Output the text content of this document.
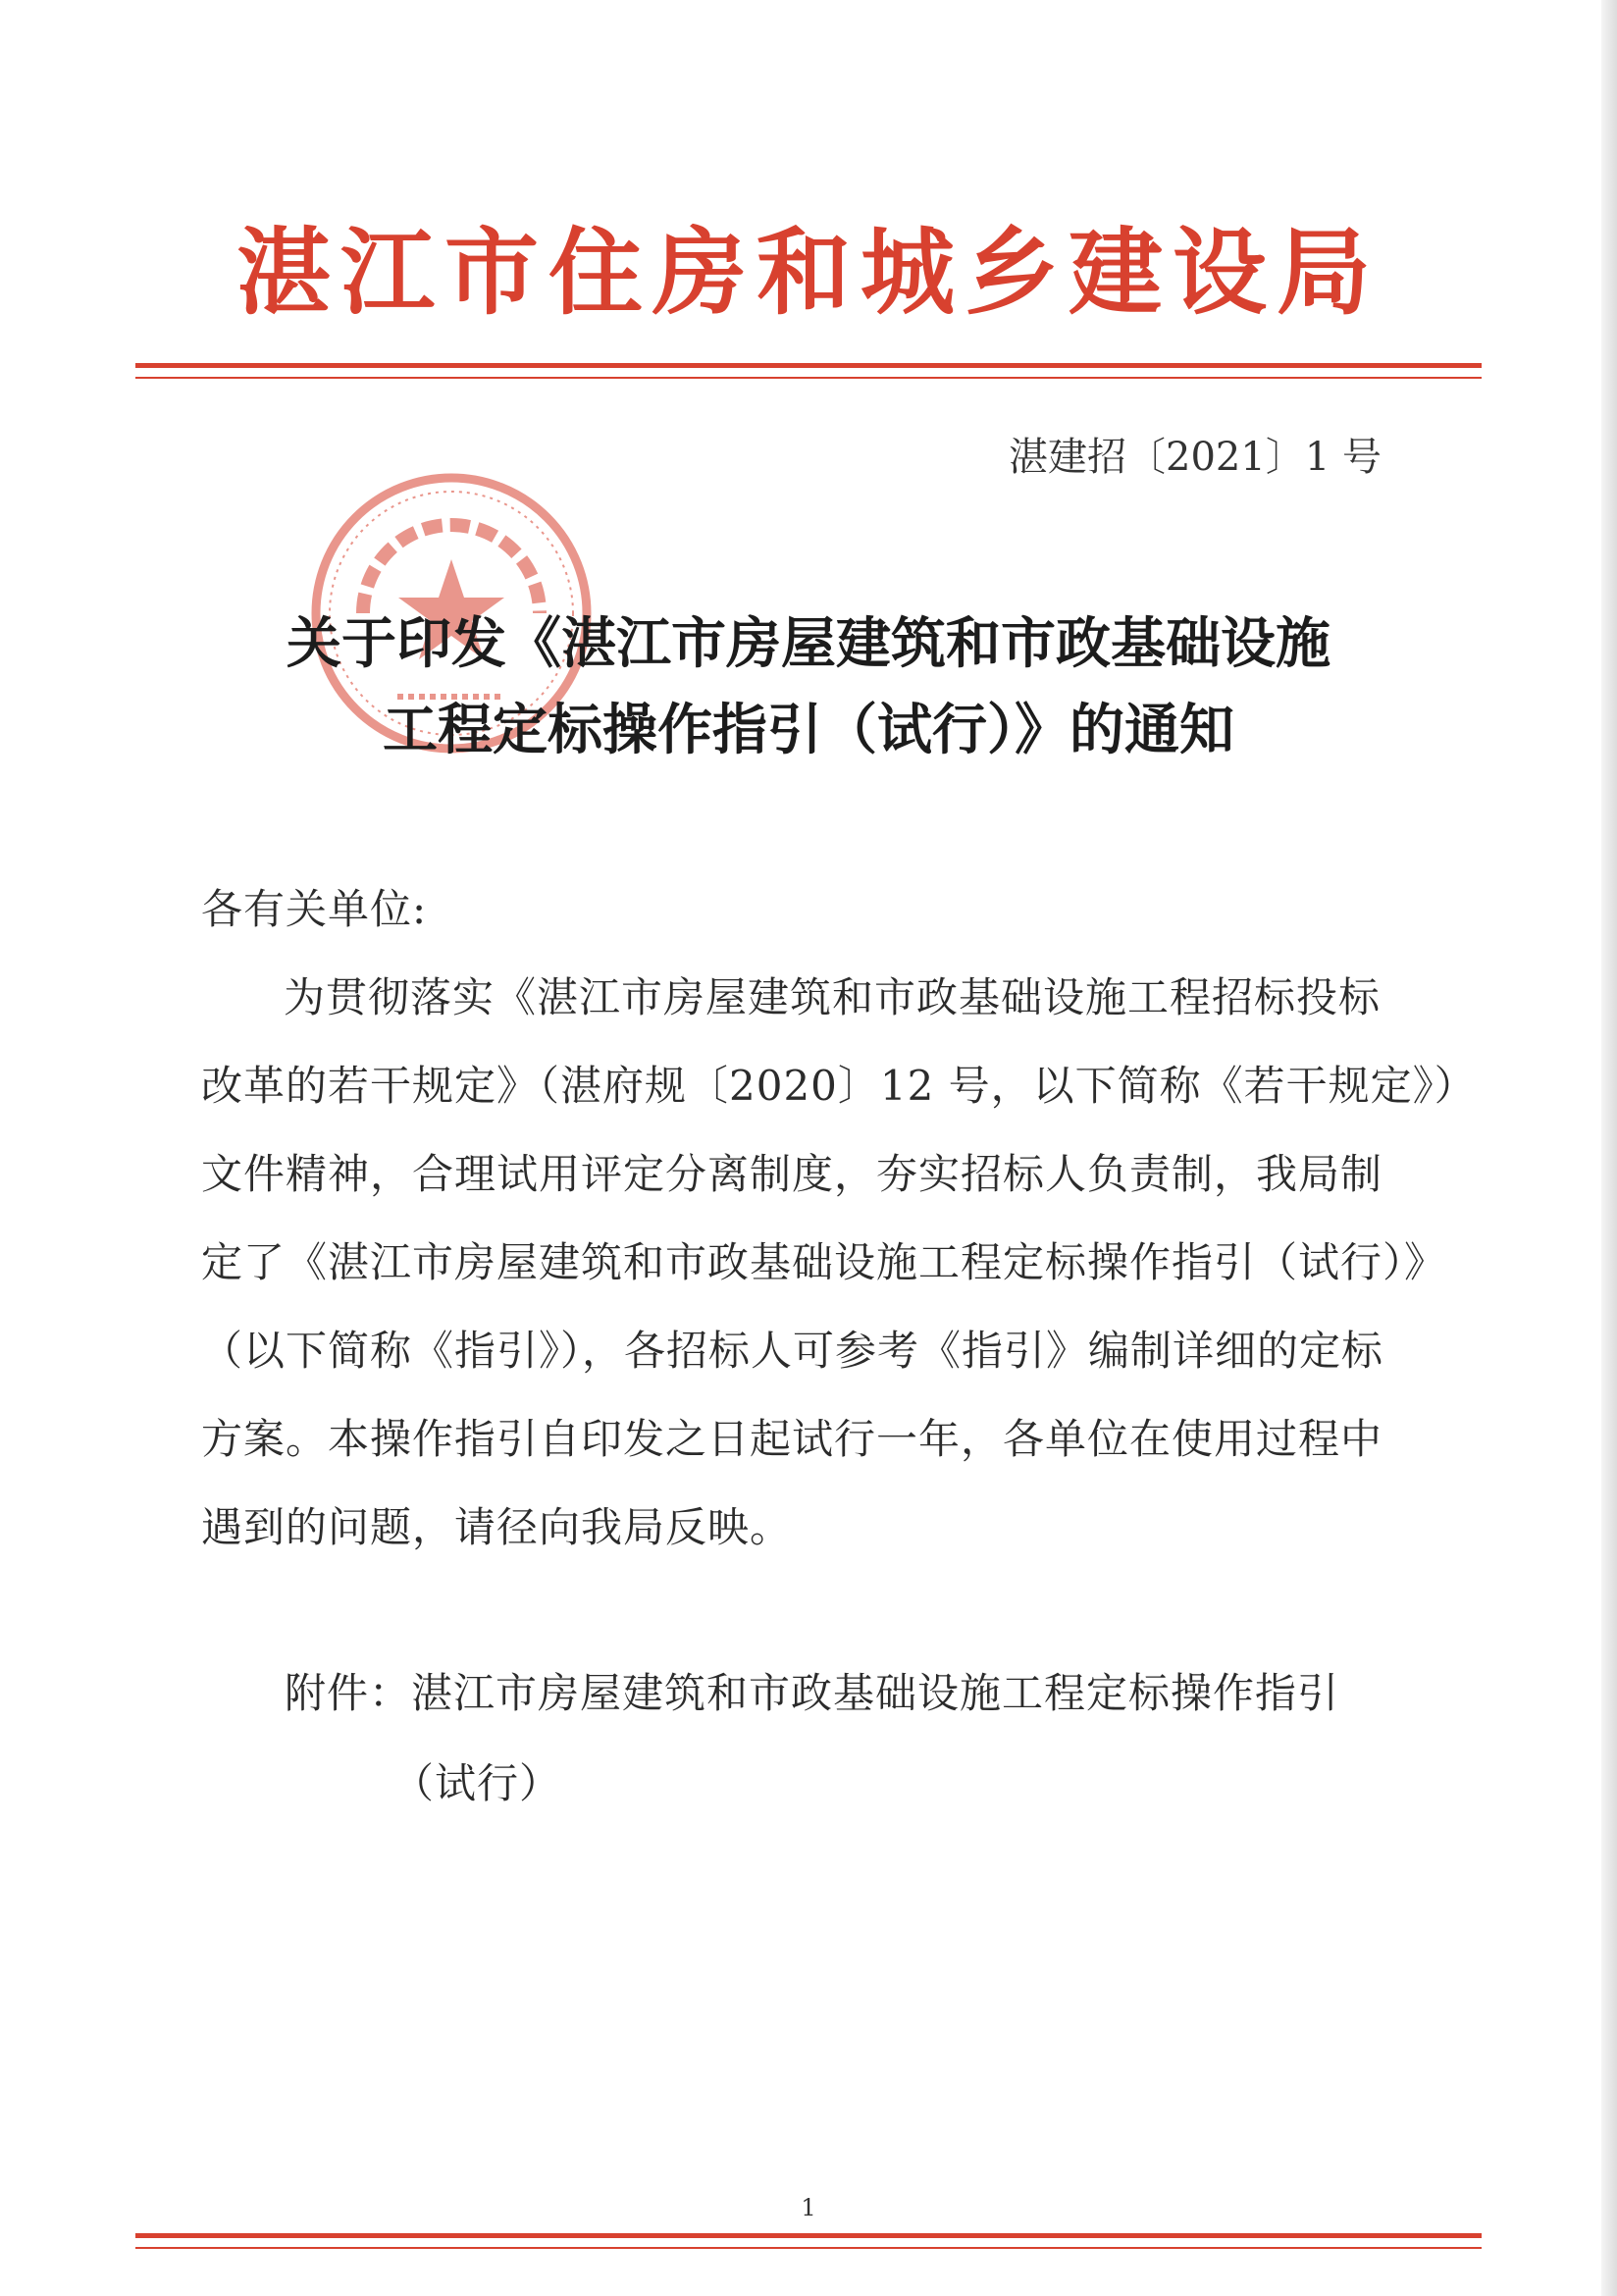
湛江市住房和城乡建设局
湛建招〔2021〕1 号
关于印发《湛江市房屋建筑和市政基础设施
工程定标操作指引（试行）》的通知
各有关单位:
为贯彻落实《湛江市房屋建筑和市政基础设施工程招标投标
改革的若干规定》（湛府规〔2020〕12 号，以下简称《若干规定》）
文件精神，合理试用评定分离制度，夯实招标人负责制，我局制
定了《湛江市房屋建筑和市政基础设施工程定标操作指引（试行）》
（以下简称《指引》），各招标人可参考《指引》编制详细的定标
方案。本操作指引自印发之日起试行一年，各单位在使用过程中
遇到的问题，请径向我局反映。
附件：湛江市房屋建筑和市政基础设施工程定标操作指引
（试行）
1
